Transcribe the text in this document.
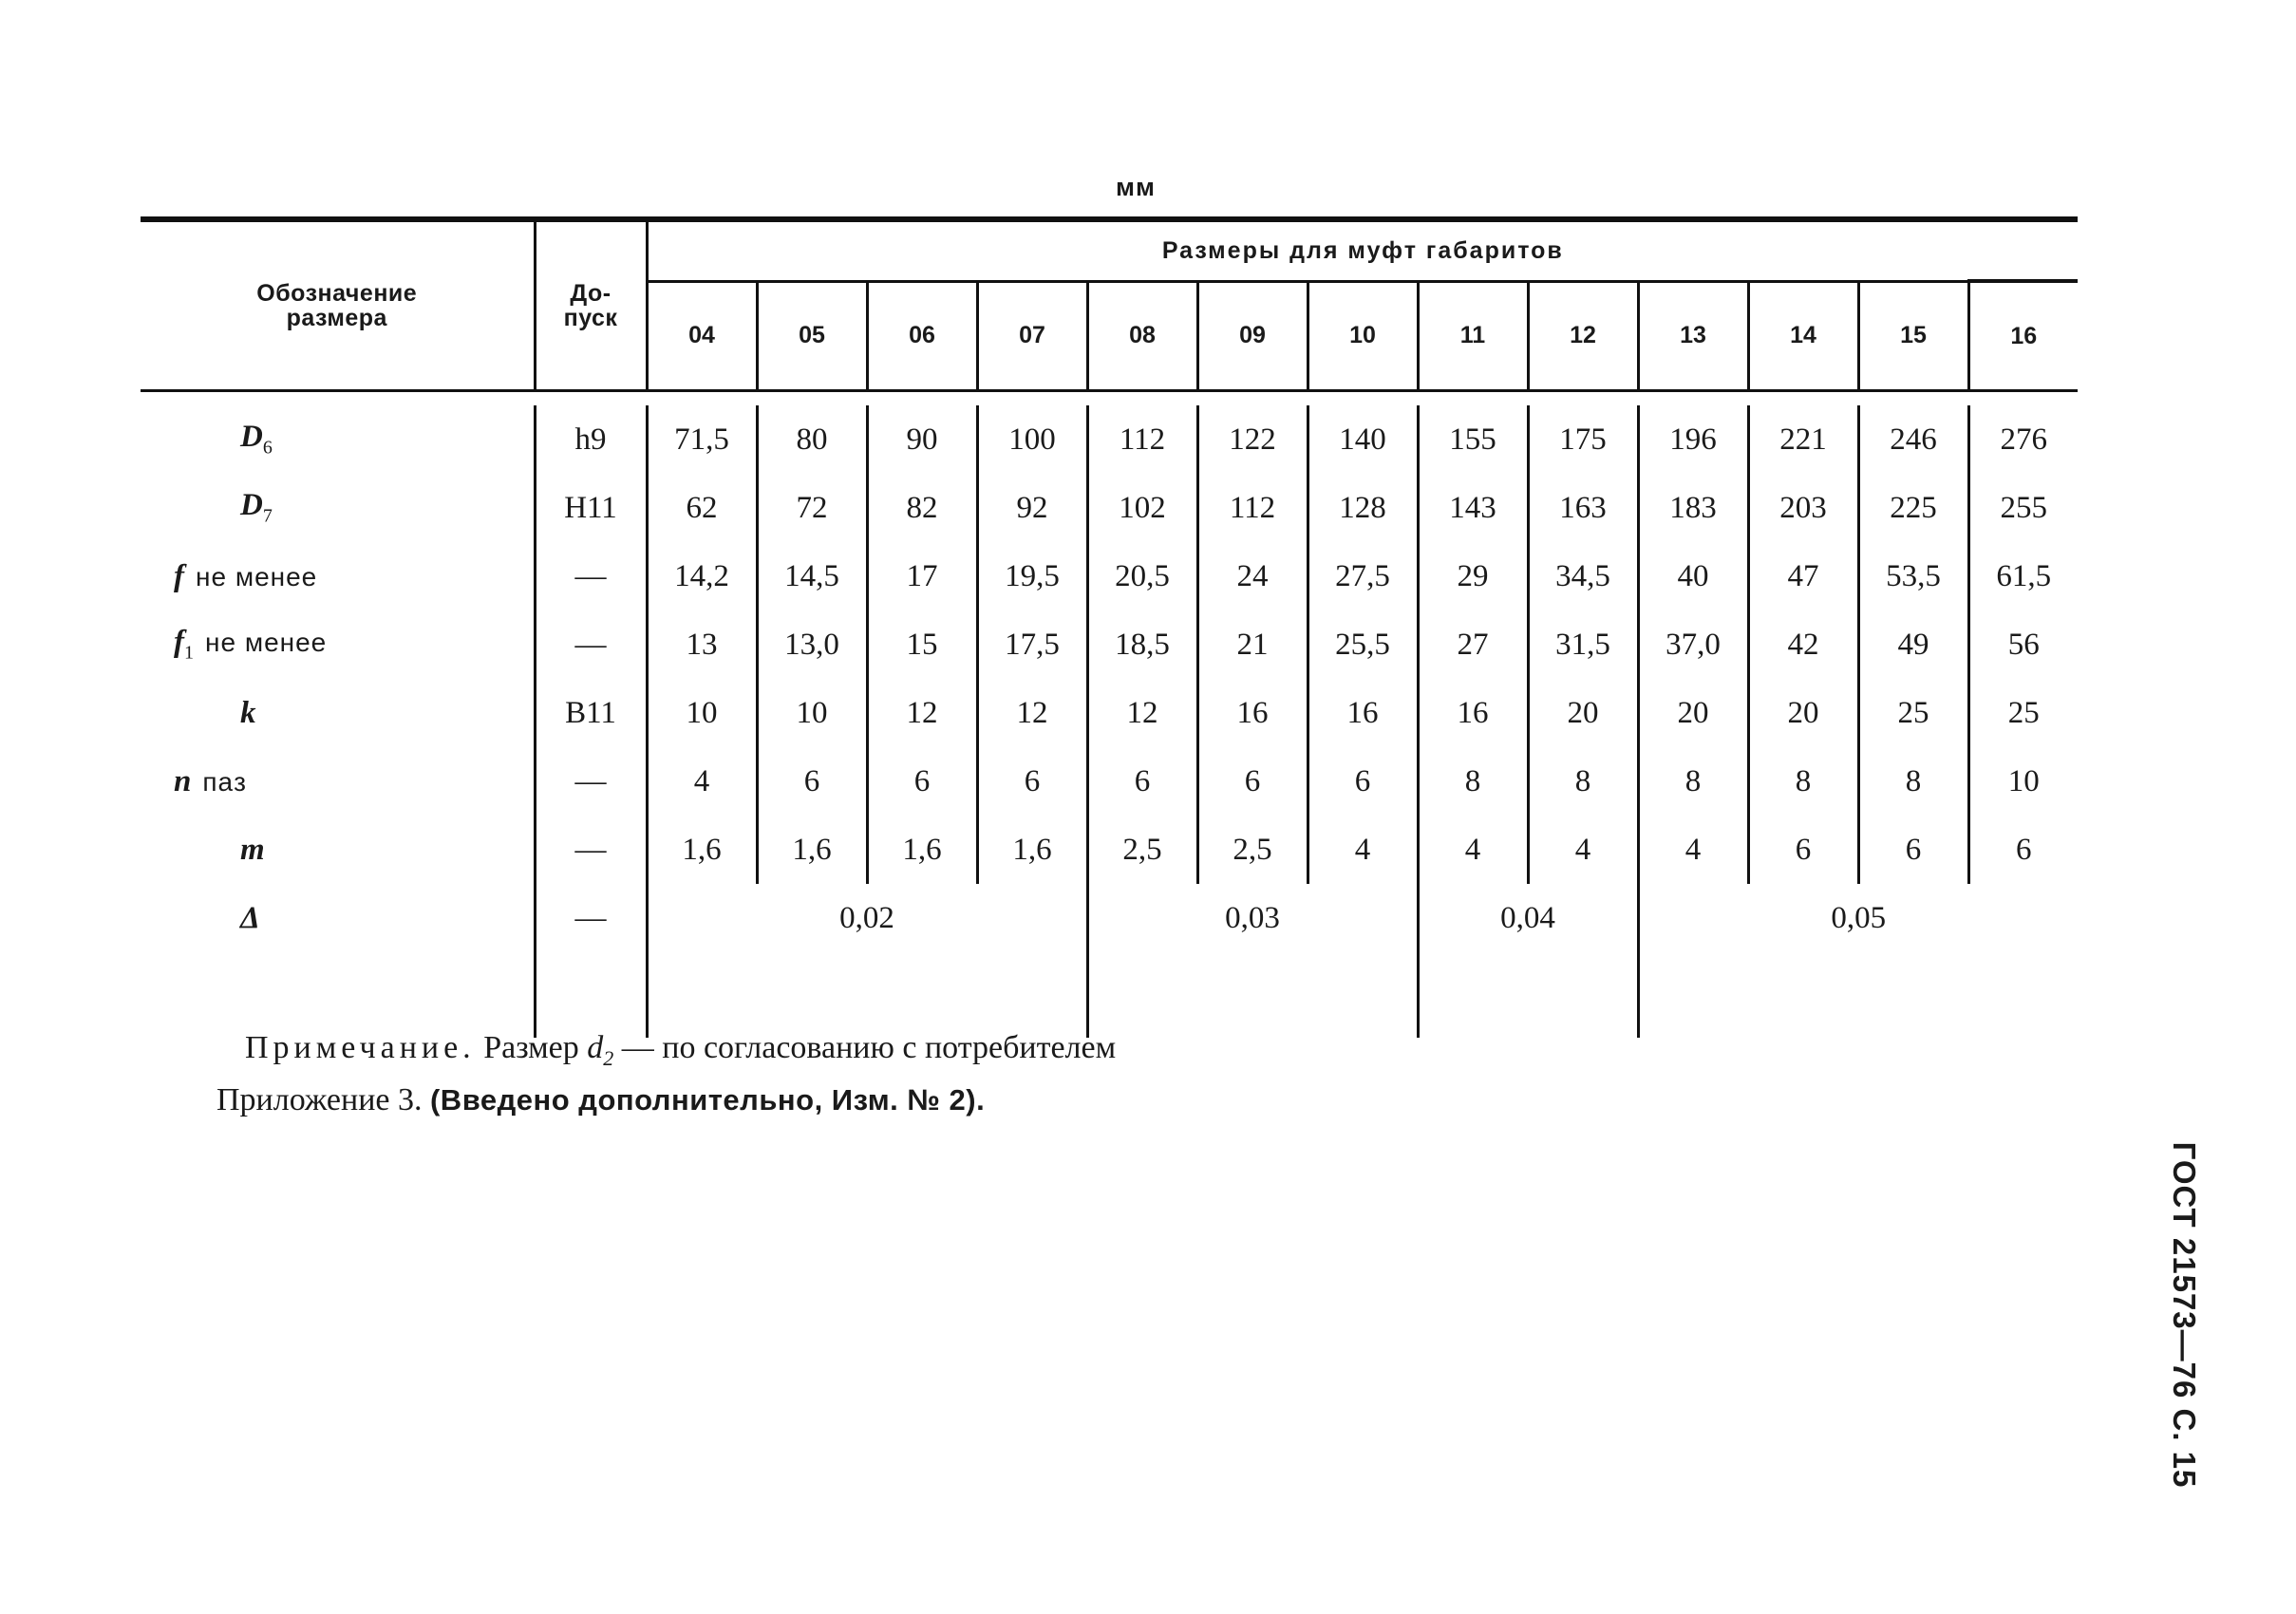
мм
Обозначение размера	До-пуск	Размеры для муфт габаритов												
		04	05	06	07	08	09	10	11	12	13	14	15	16

$D_6$	h9	71,5	80	90	100	112	122	140	155	175	196	221	246	276
$D_7$	H11	62	72	82	92	102	112	128	143	163	183	203	225	255
f не менее	—	14,2	14,5	17	19,5	20,5	24	27,5	29	34,5	40	47	53,5	61,5
$f_1$ не менее	—	13	13,0	15	17,5	18,5	21	25,5	27	31,5	37,0	42	49	56
k	B11	10	10	12	12	12	16	16	16	20	20	20	25	25
n пaз	—	4	6	6	6	6	6	6	8	8	8	8	8	10
m	—	1,6	1,6	1,6	1,6	2,5	2,5	4	4	4	4	6	6	6
Δ	—	0,02				0,03			0,04		0,05			

Примечание. Размер $d_2$ — по согласованию с потребителем
Приложение 3. (Введено дополнительно, Изм. № 2).
ГОСТ 21573—76 С. 15
